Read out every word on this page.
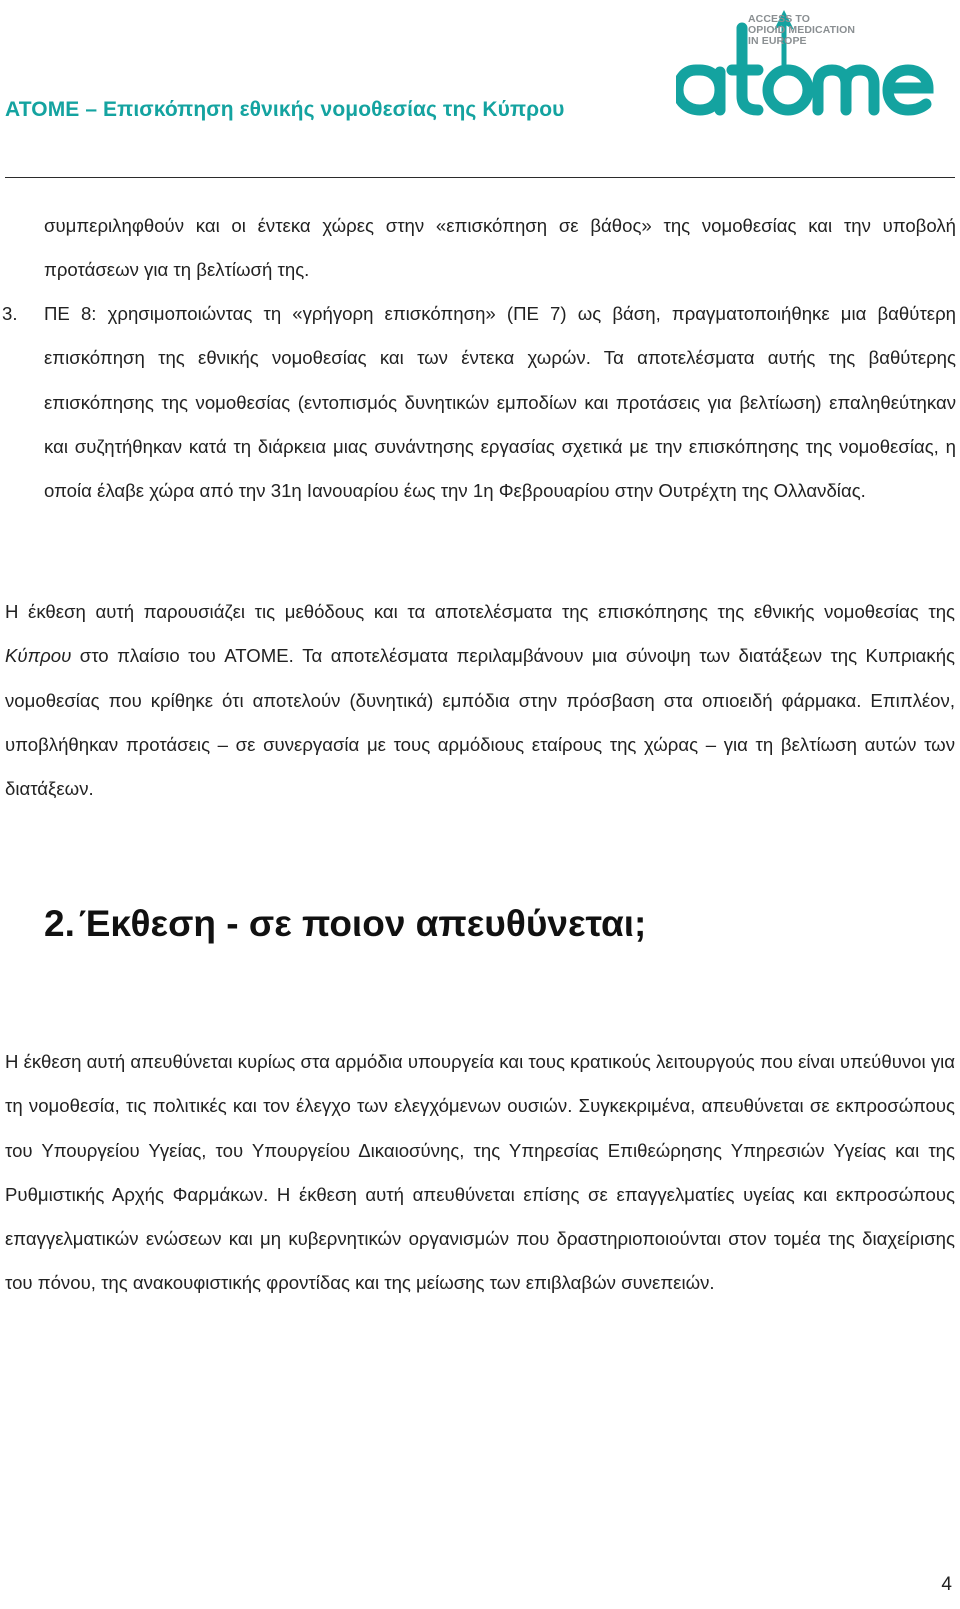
ATOME – Επισκόπηση εθνικής νομοθεσίας της Κύπρου
ACCESS TO
OPIOID MEDICATION
IN EUROPE

συμπεριληφθούν και οι έντεκα χώρες στην «επισκόπηση σε βάθος» της νομοθεσίας και την υποβολή προτάσεων για τη βελτίωσή της.

3. ΠΕ 8: χρησιμοποιώντας τη «γρήγορη επισκόπηση» (ΠΕ 7) ως βάση, πραγματοποιήθηκε μια βαθύτερη επισκόπηση της εθνικής νομοθεσίας και των έντεκα χωρών. Τα αποτελέσματα αυτής της βαθύτερης επισκόπησης της νομοθεσίας (εντοπισμός δυνητικών εμποδίων και προτάσεις για βελτίωση) επαληθεύτηκαν και συζητήθηκαν κατά τη διάρκεια μιας συνάντησης εργασίας σχετικά με την επισκόπησης της νομοθεσίας, η οποία έλαβε χώρα από την 31η Ιανουαρίου έως την 1η Φεβρουαρίου στην Ουτρέχτη της Ολλανδίας.

Η έκθεση αυτή παρουσιάζει τις μεθόδους και τα αποτελέσματα της επισκόπησης της εθνικής νομοθεσίας της Κύπρου στο πλαίσιο του ATOME. Τα αποτελέσματα περιλαμβάνουν μια σύνοψη των διατάξεων της Κυπριακής νομοθεσίας που κρίθηκε ότι αποτελούν (δυνητικά) εμπόδια στην πρόσβαση στα οπιοειδή φάρμακα. Επιπλέον, υποβλήθηκαν προτάσεις – σε συνεργασία με τους αρμόδιους εταίρους της χώρας – για τη βελτίωση αυτών των διατάξεων.

2. Έκθεση - σε ποιον απευθύνεται;

Η έκθεση αυτή απευθύνεται κυρίως στα αρμόδια υπουργεία και τους κρατικούς λειτουργούς που είναι υπεύθυνοι για τη νομοθεσία, τις πολιτικές και τον έλεγχο των ελεγχόμενων ουσιών. Συγκεκριμένα, απευθύνεται σε εκπροσώπους του Υπουργείου Υγείας, του Υπουργείου Δικαιοσύνης, της Υπηρεσίας Επιθεώρησης Υπηρεσιών Υγείας και της Ρυθμιστικής Αρχής Φαρμάκων. Η έκθεση αυτή απευθύνεται επίσης σε επαγγελματίες υγείας και εκπροσώπους επαγγελματικών ενώσεων και μη κυβερνητικών οργανισμών που δραστηριοποιούνται στον τομέα της διαχείρισης του πόνου, της ανακουφιστικής φροντίδας και της μείωσης των επιβλαβών συνεπειών.

4
